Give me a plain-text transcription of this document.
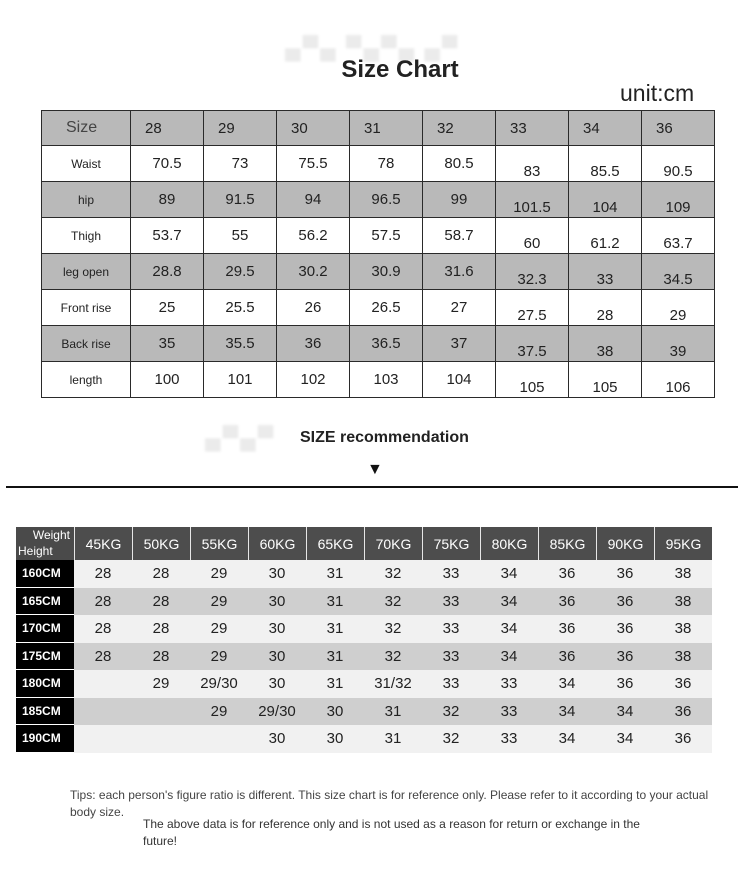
▄▀▄ ▀▄▀▄ ▄▀
▄▀▄▀
Size Chart
unit:cm
Size	28	29	30	31	32	33	34	36
Waist	70.5	73	75.5	78	80.5	83	85.5	90.5
hip	89	91.5	94	96.5	99	101.5	104	109
Thigh	53.7	55	56.2	57.5	58.7	60	61.2	63.7
leg open	28.8	29.5	30.2	30.9	31.6	32.3	33	34.5
Front rise	25	25.5	26	26.5	27	27.5	28	29
Back rise	35	35.5	36	36.5	37	37.5	38	39
length	100	101	102	103	104	105	105	106
SIZE recommendation
▼
Weight
Height	45KG	50KG	55KG	60KG	65KG	70KG	75KG	80KG	85KG	90KG	95KG
160CM	28	28	29	30	31	32	33	34	36	36	38
165CM	28	28	29	30	31	32	33	34	36	36	38
170CM	28	28	29	30	31	32	33	34	36	36	38
175CM	28	28	29	30	31	32	33	34	36	36	38
180CM		29	29/30	30	31	31/32	33	33	34	36	36
185CM			29	29/30	30	31	32	33	34	34	36
190CM				30	30	31	32	33	34	34	36
Tips: each person's figure ratio is different. This size chart is for reference only. Please refer to it according to your actual body size.
The above data is for reference only and is not used as a reason for return or exchange in the future!
